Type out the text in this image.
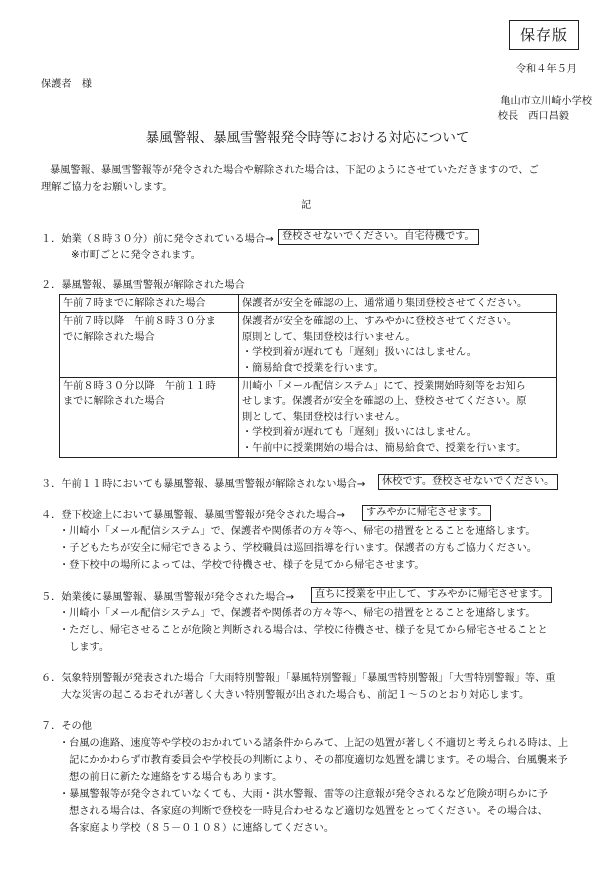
保存版
令和４年５月
保護者　様
亀山市立川崎小学校
校長　西口昌毅
暴風警報、暴風雪警報発令時等における対応について
暴風警報、暴風雪警報等が発令された場合や解除された場合は、下記のようにさせていただきますので、ご
理解ご協力をお願いします。
記
１．始業（８時３０分）前に発令されている場合→ 登校させないでください。自宅待機です。
※市町ごとに発令されます。
２．暴風警報、暴風雪警報が解除された場合
午前７時までに解除された場合	保護者が安全を確認の上、通常通り集団登校させてください。

午前７時以降　午前８時３０分ま
でに解除された場合	保護者が安全を確認の上、すみやかに登校させてください。
原則として、集団登校は行いません。
・学校到着が遅れても「遅刻」扱いにはしません。
・簡易給食で授業を行います。

午前８時３０分以降　午前１１時
までに解除された場合	川崎小「メール配信システム」にて、授業開始時刻等をお知ら
せします。保護者が安全を確認の上、登校させてください。原
則として、集団登校は行いません。
・学校到着が遅れても「遅刻」扱いにはしません。
・午前中に授業開始の場合は、簡易給食で、授業を行います。
３．午前１１時においても暴風警報、暴風雪警報が解除されない場合→	休校です。登校させないでください。
４．登下校途上において暴風警報、暴風雪警報が発令された場合→	すみやかに帰宅させます。
・川崎小「メール配信システム」で、保護者や関係者の方々等へ、帰宅の措置をとることを連絡します。
・子どもたちが安全に帰宅できるよう、学校職員は巡回指導を行います。保護者の方もご協力ください。
・登下校中の場所によっては、学校で待機させ、様子を見てから帰宅させます。
５．始業後に暴風警報、暴風雪警報が発令された場合→	直ちに授業を中止して、すみやかに帰宅させます。
・川崎小「メール配信システム」で、保護者や関係者の方々等へ、帰宅の措置をとることを連絡します。
・ただし、帰宅させることが危険と判断される場合は、学校に待機させ、様子を見てから帰宅させることと
　します。
６．気象特別警報が発表された場合「大雨特別警報」「暴風特別警報」「暴風雪特別警報」「大雪特別警報」等、重
　　大な災害の起こるおそれが著しく大きい特別警報が出された場合も、前記１～５のとおり対応します。
７．その他
・台風の進路、速度等や学校のおかれている諸条件からみて、上記の処置が著しく不適切と考えられる時は、上
　記にかかわらず市教育委員会や学校長の判断により、その都度適切な処置を講じます。その場合、台風襲来予
　想の前日に新たな連絡をする場合もあります。
・暴風警報等が発令されていなくても、大雨・洪水警報、雷等の注意報が発令されるなど危険が明らかに予
　想される場合は、各家庭の判断で登校を一時見合わせるなど適切な処置をとってください。その場合は、
　各家庭より学校（８５－０１０８）に連絡してください。
